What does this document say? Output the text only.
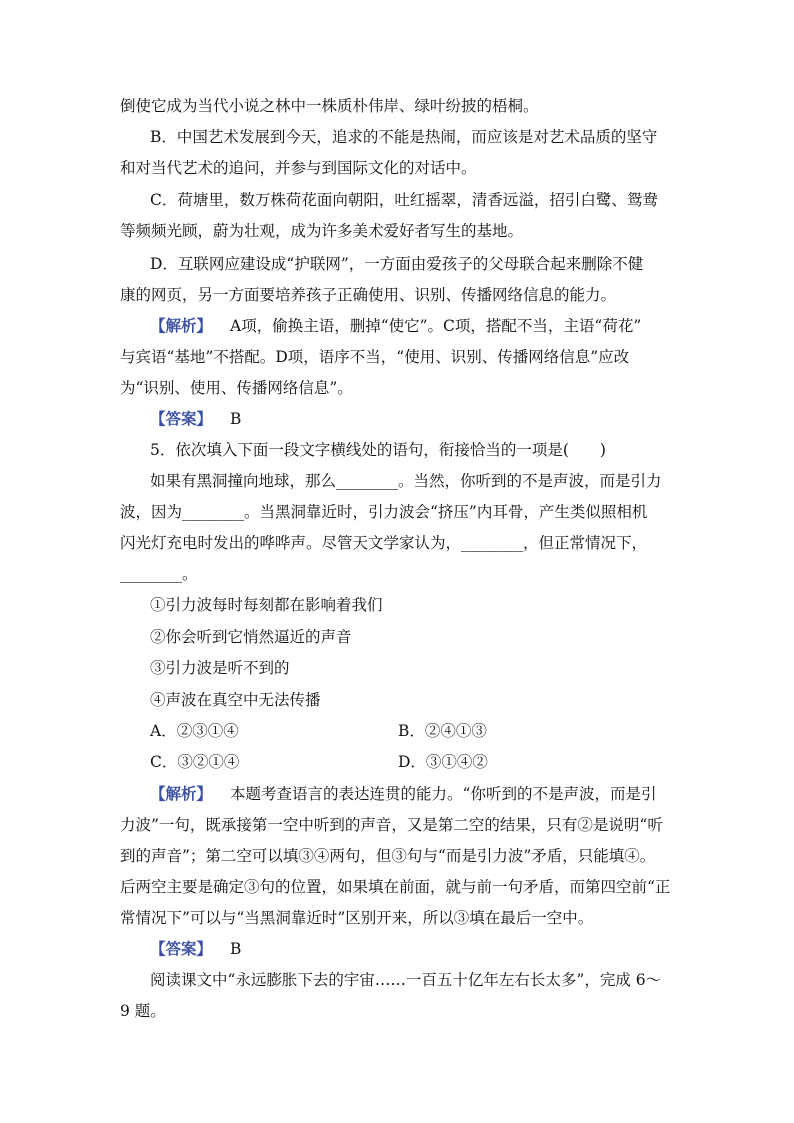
倒使它成为当代小说之林中一株质朴伟岸、绿叶纷披的梧桐。
B．中国艺术发展到今天，追求的不能是热闹，而应该是对艺术品质的坚守
和对当代艺术的追问，并参与到国际文化的对话中。
C．荷塘里，数万株荷花面向朝阳，吐红摇翠，清香远溢，招引白鹭、鸳鸯
等频频光顾，蔚为壮观，成为许多美术爱好者写生的基地。
D．互联网应建设成“护联网”，一方面由爱孩子的父母联合起来删除不健
康的网页，另一方面要培养孩子正确使用、识别、传播网络信息的能力。
【解析】 A项，偷换主语，删掉“使它”。C项，搭配不当，主语“荷花”
与宾语“基地”不搭配。D项，语序不当，“使用、识别、传播网络信息”应改
为“识别、使用、传播网络信息”。
【答案】 B
5．依次填入下面一段文字横线处的语句，衔接恰当的一项是(　　)
如果有黑洞撞向地球，那么________。当然，你听到的不是声波，而是引力
波，因为________。当黑洞靠近时，引力波会“挤压”内耳骨，产生类似照相机
闪光灯充电时发出的哗哗声。尽管天文学家认为，________，但正常情况下，
________。
①引力波每时每刻都在影响着我们
②你会听到它悄然逼近的声音
③引力波是听不到的
④声波在真空中无法传播
A．②③①④	B．②④①③
C．③②①④	D．③①④②
【解析】 本题考查语言的表达连贯的能力。“你听到的不是声波，而是引
力波”一句，既承接第一空中听到的声音，又是第二空的结果，只有②是说明“听
到的声音”；第二空可以填③④两句，但③句与“而是引力波”矛盾，只能填④。
后两空主要是确定③句的位置，如果填在前面，就与前一句矛盾，而第四空前“正
常情况下”可以与“当黑洞靠近时”区别开来，所以③填在最后一空中。
【答案】 B
阅读课文中“永远膨胀下去的宇宙……一百五十亿年左右长太多”，完成 6～
9 题。
